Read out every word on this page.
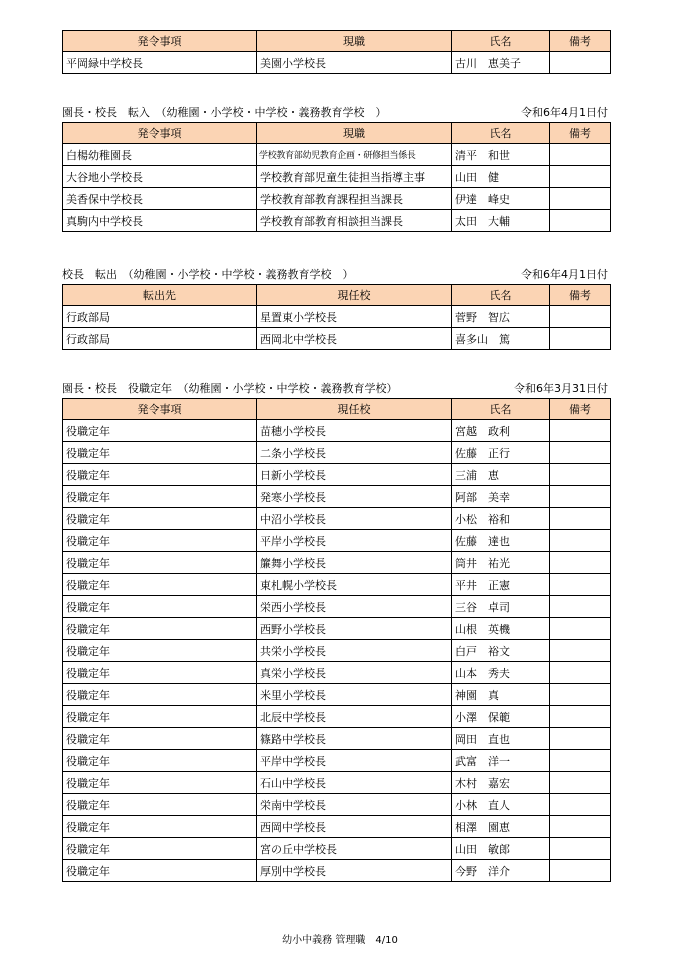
発令事項	現職	氏名	備考
平岡緑中学校長	美園小学校長	古川　恵美子	
園長・校長　転入　（幼稚園・小学校・中学校・義務教育学校　）	令和6年4月1日付
発令事項	現職	氏名	備考
白楊幼稚園長	学校教育部幼児教育企画・研修担当係長	清平　和世	
大谷地小学校長	学校教育部児童生徒担当指導主事	山田　健	
美香保中学校長	学校教育部教育課程担当課長	伊達　峰史	
真駒内中学校長	学校教育部教育相談担当課長	太田　大輔	
校長　転出　（幼稚園・小学校・中学校・義務教育学校　）	令和6年4月1日付
転出先	現任校	氏名	備考
行政部局	星置東小学校長	菅野　智広	
行政部局	西岡北中学校長	喜多山　篤	
園長・校長　役職定年　（幼稚園・小学校・中学校・義務教育学校）	令和6年3月31日付
発令事項	現任校	氏名	備考
役職定年	苗穂小学校長	宮越　政利	
役職定年	二条小学校長	佐藤　正行	
役職定年	日新小学校長	三浦　恵	
役職定年	発寒小学校長	阿部　美幸	
役職定年	中沼小学校長	小松　裕和	
役職定年	平岸小学校長	佐藤　達也	
役職定年	簾舞小学校長	筒井　祐光	
役職定年	東札幌小学校長	平井　正憲	
役職定年	栄西小学校長	三谷　卓司	
役職定年	西野小学校長	山根　英機	
役職定年	共栄小学校長	白戸　裕文	
役職定年	真栄小学校長	山本　秀夫	
役職定年	米里小学校長	神園　真	
役職定年	北辰中学校長	小澤　保範	
役職定年	篠路中学校長	岡田　直也	
役職定年	平岸中学校長	武富　洋一	
役職定年	石山中学校長	木村　嘉宏	
役職定年	栄南中学校長	小林　直人	
役職定年	西岡中学校長	相澤　園恵	
役職定年	宮の丘中学校長	山田　敏郎	
役職定年	厚別中学校長	今野　洋介	
幼小中義務 管理職　4/10
